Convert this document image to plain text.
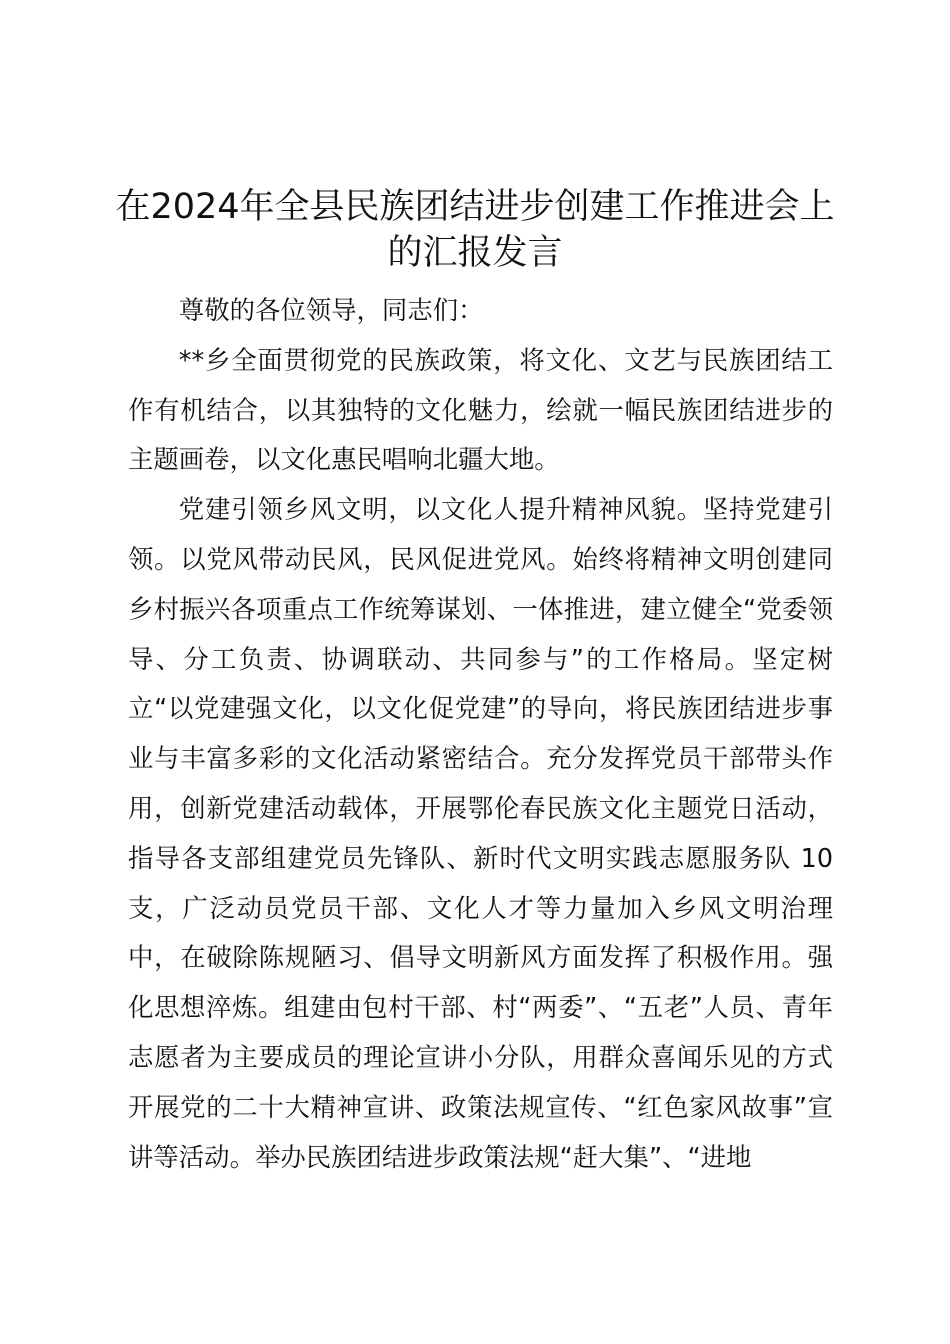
在2024年全县民族团结进步创建工作推进会上的汇报发言

尊敬的各位领导，同志们：

**乡全面贯彻党的民族政策，将文化、文艺与民族团结工作有机结合，以其独特的文化魅力，绘就一幅民族团结进步的主题画卷，以文化惠民唱响北疆大地。

党建引领乡风文明，以文化人提升精神风貌。坚持党建引领。以党风带动民风，民风促进党风。始终将精神文明创建同乡村振兴各项重点工作统筹谋划、一体推进，建立健全“党委领导、分工负责、协调联动、共同参与”的工作格局。坚定树立“以党建强文化，以文化促党建”的导向，将民族团结进步事业与丰富多彩的文化活动紧密结合。充分发挥党员干部带头作用，创新党建活动载体，开展鄂伦春民族文化主题党日活动，指导各支部组建党员先锋队、新时代文明实践志愿服务队 10 支，广泛动员党员干部、文化人才等力量加入乡风文明治理中，在破除陈规陋习、倡导文明新风方面发挥了积极作用。强化思想淬炼。组建由包村干部、村“两委”、“五老”人员、青年志愿者为主要成员的理论宣讲小分队，用群众喜闻乐见的方式开展党的二十大精神宣讲、政策法规宣传、“红色家风故事”宣讲等活动。举办民族团结进步政策法规“赶大集”、“进地
